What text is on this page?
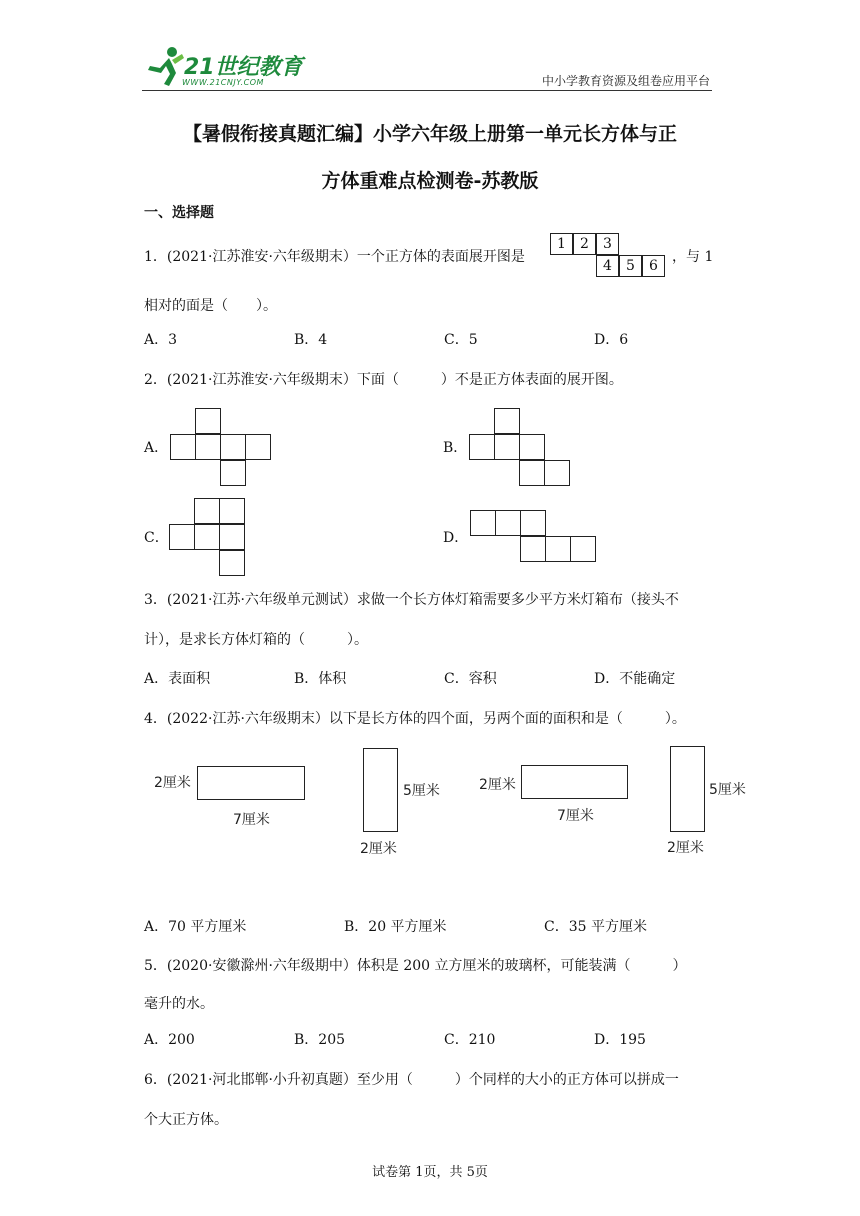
21世纪教育
WWW.21CNJY.COM	中小学教育资源及组卷应用平台
【暑假衔接真题汇编】小学六年级上册第一单元长方体与正
方体重难点检测卷-苏教版
一、选择题
1．(2021·江苏淮安·六年级期末）一个正方体的表面展开图是
1	2	3
4	5	6
，与 1
相对的面是（　　）。
A．3	B．4	C．5	D．6
2．(2021·江苏淮安·六年级期末）下面（　　　）不是正方体表面的展开图。
A．	B．
C．	D．
3．(2021·江苏·六年级单元测试）求做一个长方体灯箱需要多少平方米灯箱布（接头不
计），是求长方体灯箱的（　　　）。
A．表面积	B．体积	C．容积	D．不能确定
4．(2022·江苏·六年级期末）以下是长方体的四个面，另两个面的面积和是（　　　）。
2厘米
7厘米
5厘米
2厘米
2厘米
7厘米
5厘米
2厘米
A．70 平方厘米	B．20 平方厘米	C．35 平方厘米
5．(2020·安徽滁州·六年级期中）体积是 200 立方厘米的玻璃杯，可能装满（　　　）
毫升的水。
A．200	B．205	C．210	D．195
6．(2021·河北邯郸·小升初真题）至少用（　　　）个同样的大小的正方体可以拼成一
个大正方体。
试卷第 1页，共 5页
